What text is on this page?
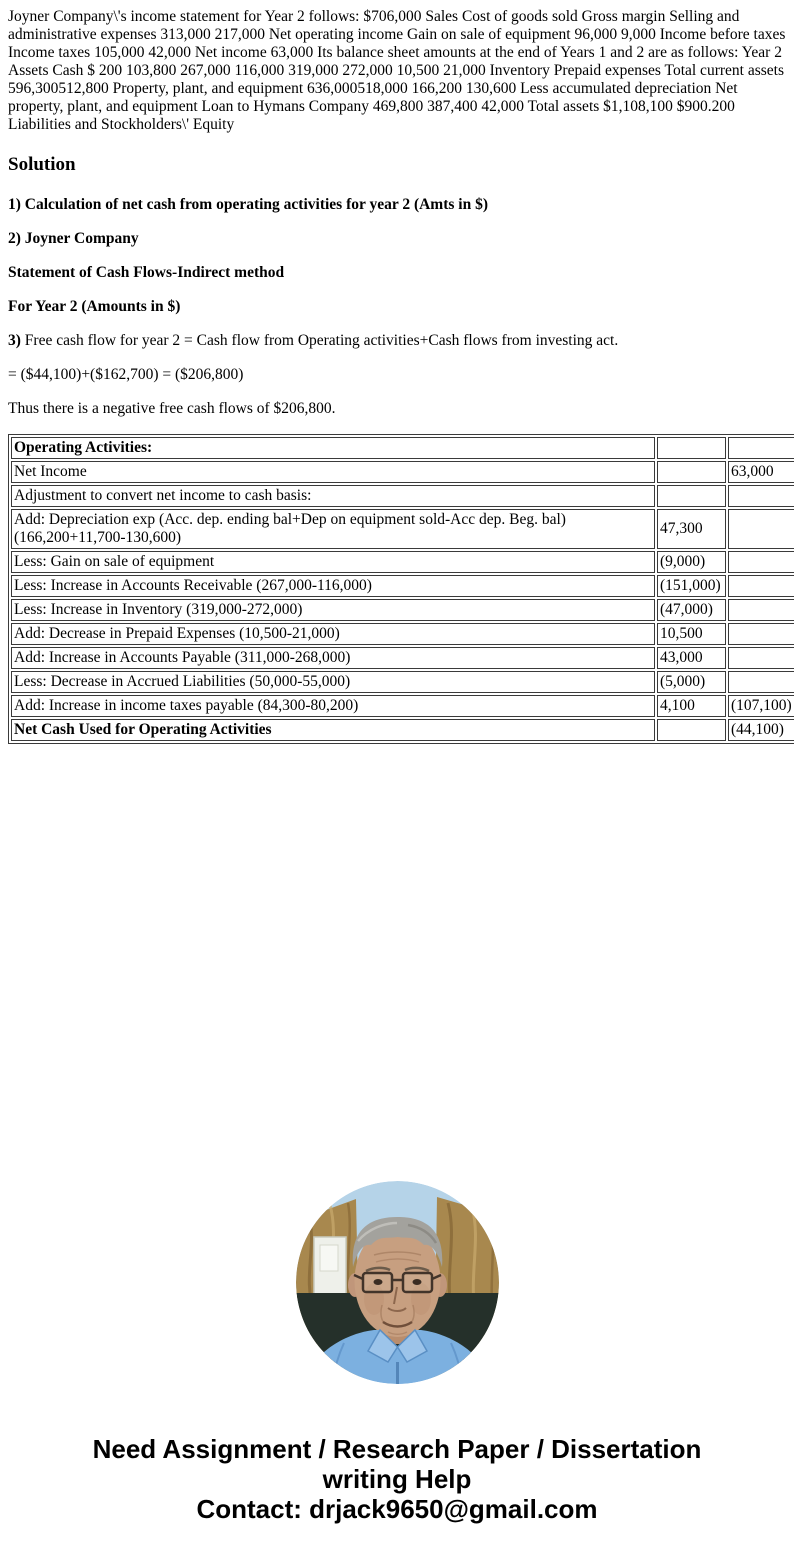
Joyner Company\'s income statement for Year 2 follows: $706,000 Sales Cost of goods sold Gross margin Selling and administrative expenses 313,000 217,000 Net operating income Gain on sale of equipment 96,000 9,000 Income before taxes Income taxes 105,000 42,000 Net income 63,000 Its balance sheet amounts at the end of Years 1 and 2 are as follows: Year 2 Assets Cash $ 200 103,800 267,000 116,000 319,000 272,000 10,500 21,000 Inventory Prepaid expenses Total current assets 596,300512,800 Property, plant, and equipment 636,000518,000 166,200 130,600 Less accumulated depreciation Net property, plant, and equipment Loan to Hymans Company 469,800 387,400 42,000 Total assets $1,108,100 $900.200 Liabilities and Stockholders\' Equity

Solution

1) Calculation of net cash from operating activities for year 2 (Amts in $)

2) Joyner Company

Statement of Cash Flows-Indirect method

For Year 2 (Amounts in $)

3) Free cash flow for year 2 = Cash flow from Operating activities+Cash flows from investing act.

= ($44,100)+($162,700) = ($206,800)

Thus there is a negative free cash flows of $206,800.

Operating Activities:		
Net Income		63,000
Adjustment to convert net income to cash basis:		
Add: Depreciation exp (Acc. dep. ending bal+Dep on equipment sold-Acc dep. Beg. bal) (166,200+11,700-130,600)	47,300	
Less: Gain on sale of equipment	(9,000)	
Less: Increase in Accounts Receivable (267,000-116,000)	(151,000)	
Less: Increase in Inventory (319,000-272,000)	(47,000)	
Add: Decrease in Prepaid Expenses (10,500-21,000)	10,500	
Add: Increase in Accounts Payable (311,000-268,000)	43,000	
Less: Decrease in Accrued Liabilities (50,000-55,000)	(5,000)	
Add: Increase in income taxes payable (84,300-80,200)	4,100	(107,100)
Net Cash Used for Operating Activities		(44,100)
Need Assignment / Research Paper / Dissertation
writing Help
Contact: drjack9650@gmail.com
